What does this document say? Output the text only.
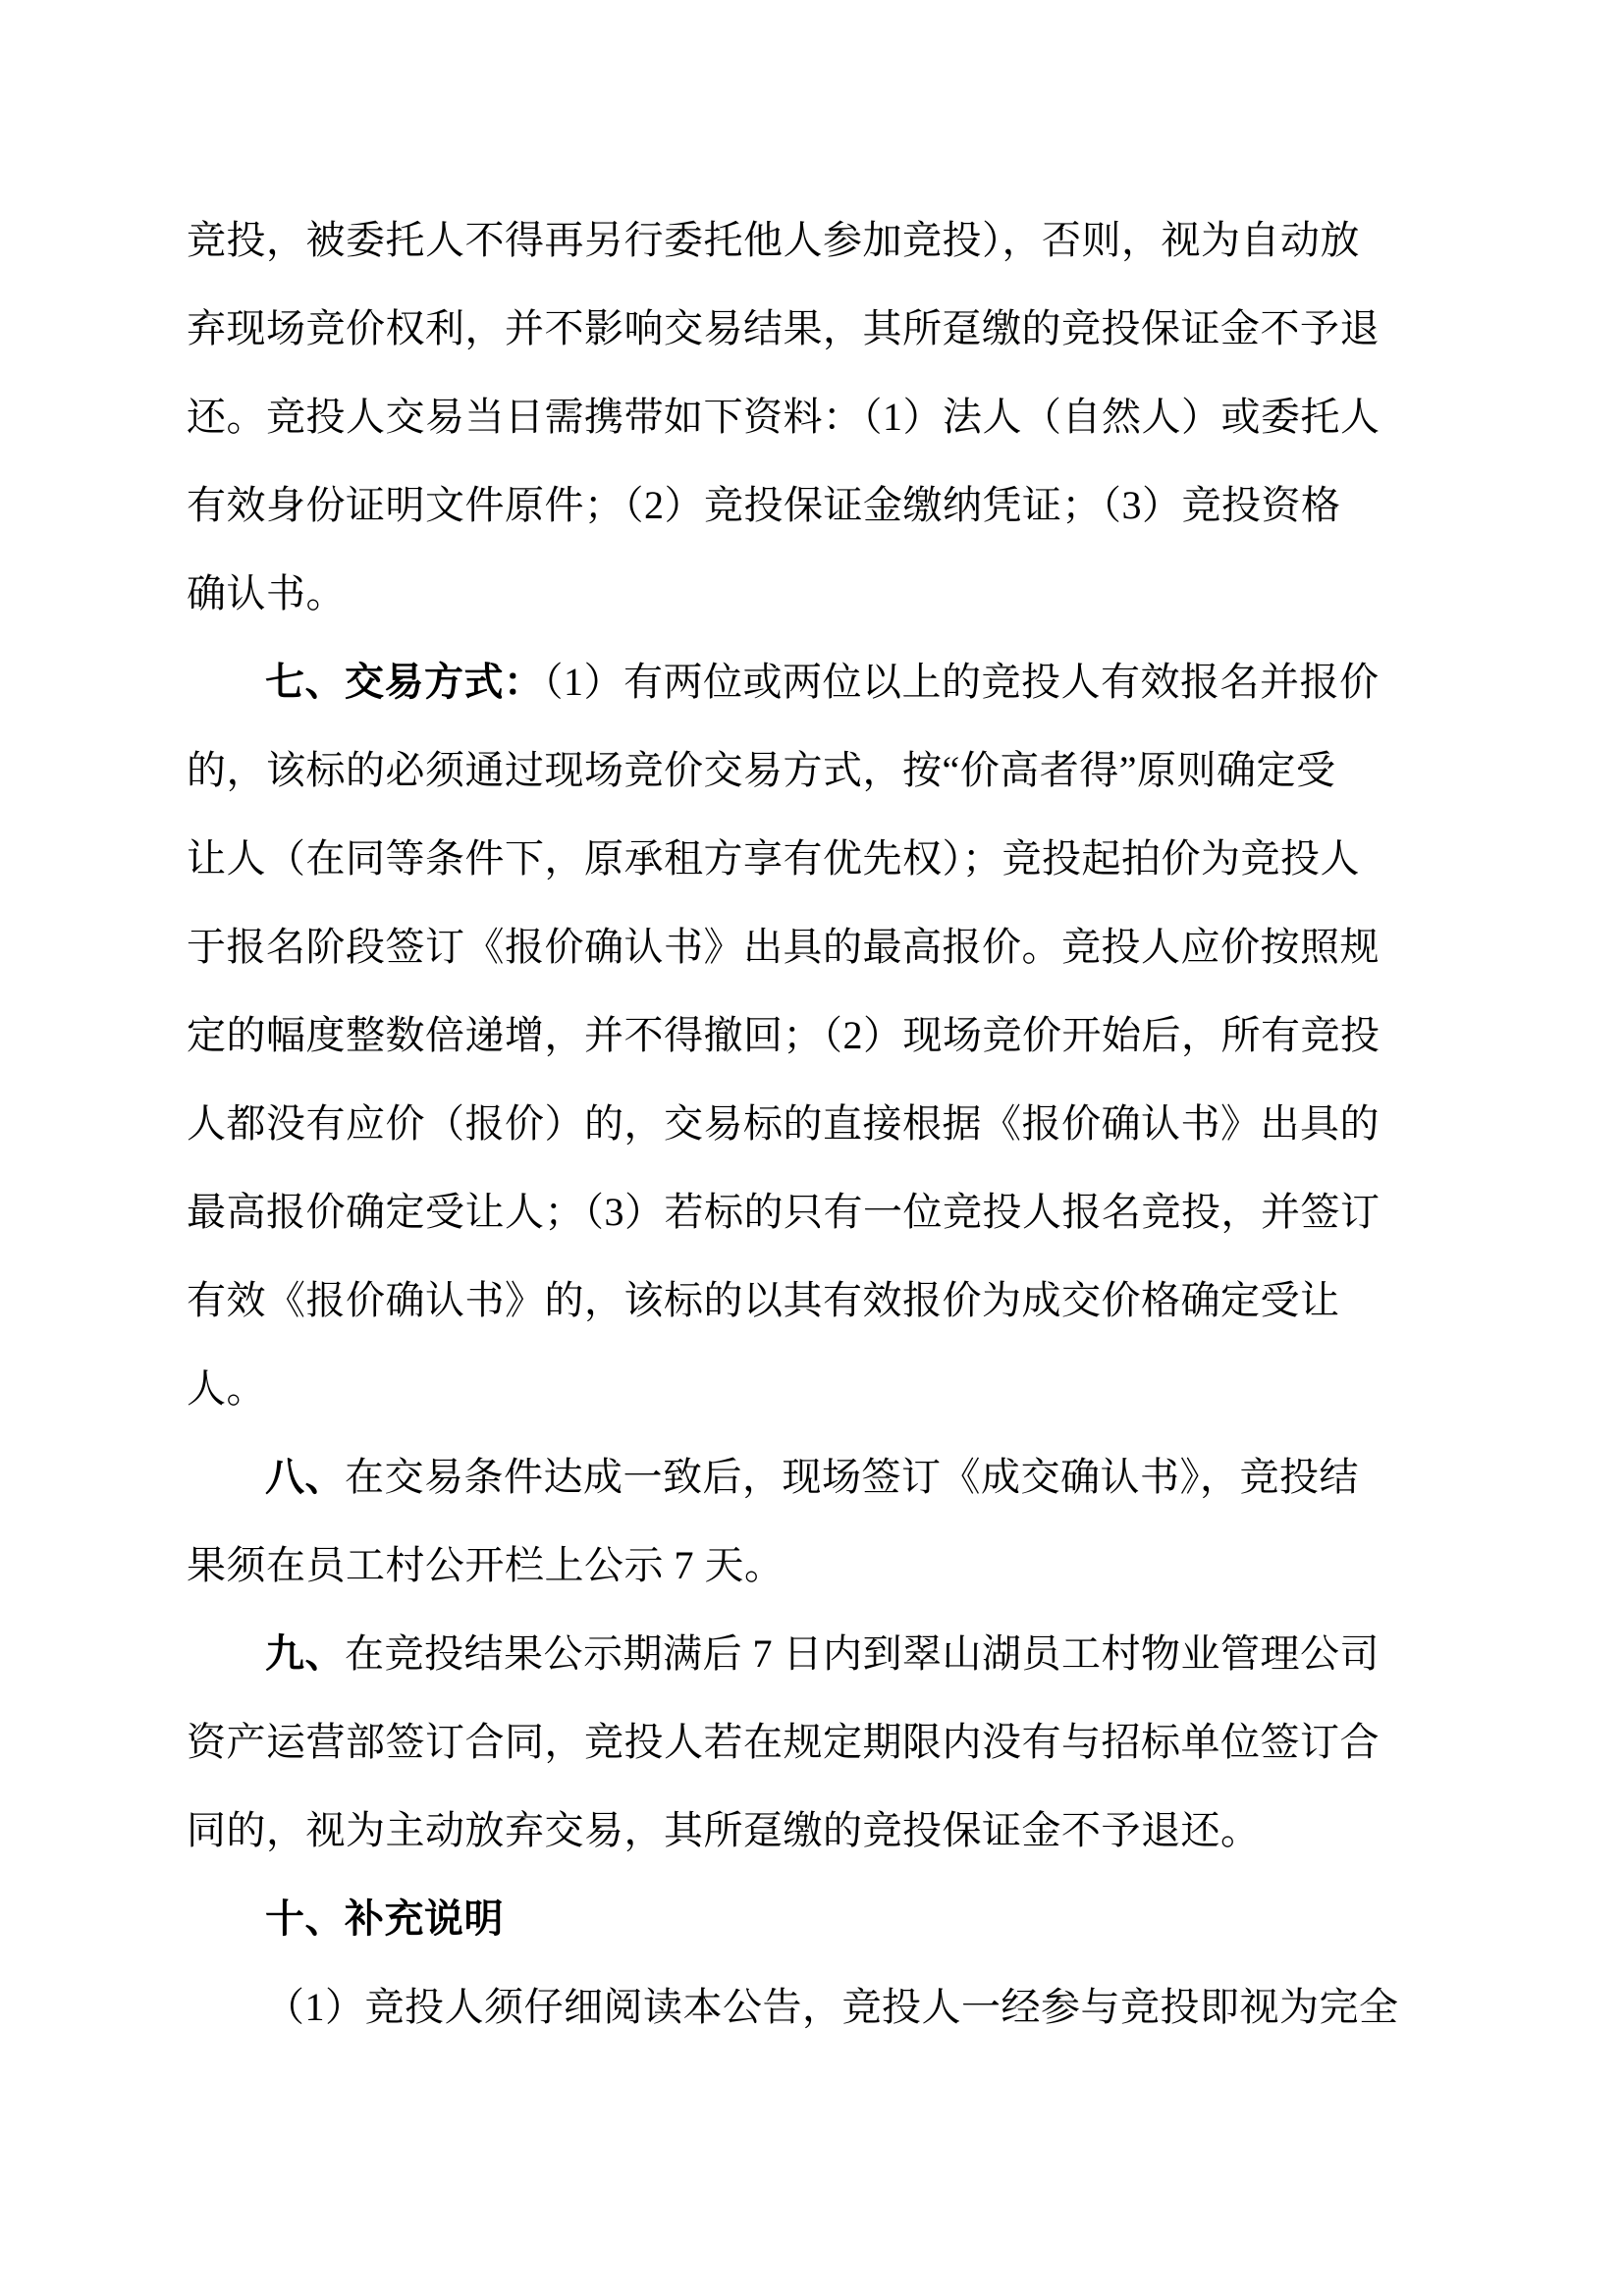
竞投，被委托人不得再另行委托他人参加竞投），否则，视为自动放
弃现场竞价权利，并不影响交易结果，其所趸缴的竞投保证金不予退
还。竞投人交易当日需携带如下资料：（1）法人（自然人）或委托人
有效身份证明文件原件；（2）竞投保证金缴纳凭证；（3）竞投资格
确认书。
七、交易方式：（1）有两位或两位以上的竞投人有效报名并报价
的，该标的必须通过现场竞价交易方式，按“价高者得”原则确定受
让人（在同等条件下，原承租方享有优先权）；竞投起拍价为竞投人
于报名阶段签订《报价确认书》出具的最高报价。竞投人应价按照规
定的幅度整数倍递增，并不得撤回；（2）现场竞价开始后，所有竞投
人都没有应价（报价）的，交易标的直接根据《报价确认书》出具的
最高报价确定受让人；（3）若标的只有一位竞投人报名竞投，并签订
有效《报价确认书》的，该标的以其有效报价为成交价格确定受让
人。
八、在交易条件达成一致后，现场签订《成交确认书》，竞投结
果须在员工村公开栏上公示 7 天。
九、在竞投结果公示期满后 7 日内到翠山湖员工村物业管理公司
资产运营部签订合同，竞投人若在规定期限内没有与招标单位签订合
同的，视为主动放弃交易，其所趸缴的竞投保证金不予退还。
十、补充说明
（1）竞投人须仔细阅读本公告，竞投人一经参与竞投即视为完全
